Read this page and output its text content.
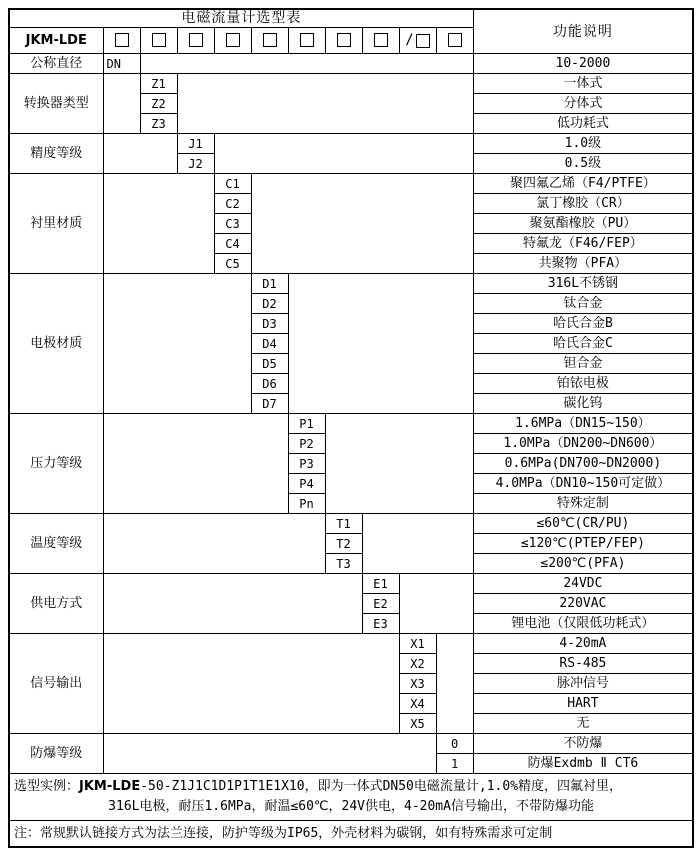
电磁流量计选型表											功能说明
JKM-LDE									/		
公称直径	DN										10-2000
转换器类型		Z1									一体式
		Z2									分体式
		Z3									低功耗式
精度等级			J1								1.0级
			J2								0.5级
衬里材质				C1							聚四氟乙烯（F4/PTFE）
				C2							氯丁橡胶（CR）
				C3							聚氨酯橡胶（PU）
				C4							特氟龙（F46/FEP）
				C5							共聚物（PFA）
电极材质					D1						316L不锈钢
					D2						钛合金
					D3						哈氏合金B
					D4						哈氏合金C
					D5						钽合金
					D6						铂铱电极
					D7						碳化钨
压力等级						P1					1.6MPa（DN15~150）
						P2					1.0MPa（DN200~DN600）
						P3					0.6MPa(DN700~DN2000)
						P4					4.0MPa（DN10~150可定做）
						Pn					特殊定制
温度等级							T1				≤60℃(CR/PU)
							T2				≤120℃(PTEP/FEP)
							T3				≤200℃(PFA)
供电方式								E1			24VDC
								E2			220VAC
								E3			锂电池（仅限低功耗式）
信号输出									X1		4-20mA
									X2		RS-485
									X3		脉冲信号
									X4		HART
									X5		无
防爆等级										0	不防爆
										1	防爆Exdmb Ⅱ CT6

选型实例：JKM-LDE-50-Z1J1C1D1P1T1E1X10，即为一体式DN50电磁流量计,1.0%精度，四氟衬里，
316L电极，耐压1.6MPa，耐温≤60℃，24V供电，4-20mA信号输出，不带防爆功能											

注：常规默认链接方式为法兰连接，防护等级为IP65，外壳材料为碳钢，如有特殊需求可定制											
